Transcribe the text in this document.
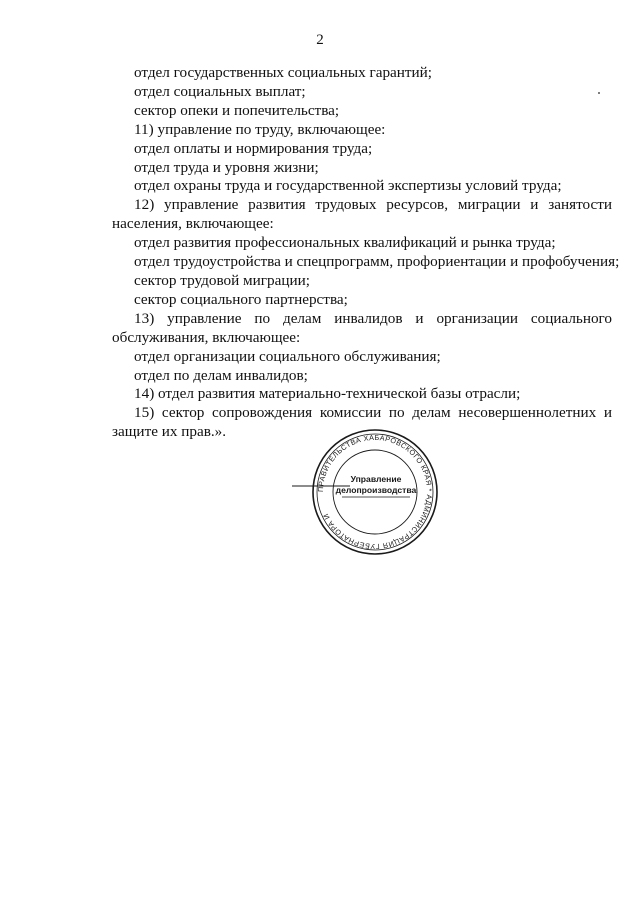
2
отдел государственных социальных гарантий;
отдел социальных выплат;
сектор опеки и попечительства;
11) управление по труду, включающее:
отдел оплаты и нормирования труда;
отдел труда и уровня жизни;
отдел охраны труда и государственной экспертизы условий труда;
12) управление развития трудовых ресурсов, миграции и занятости населения, включающее:
отдел развития профессиональных квалификаций и рынка труда;
отдел трудоустройства и спецпрограмм, профориентации и профобучения;
сектор трудовой миграции;
сектор социального партнерства;
13) управление по делам инвалидов и организации социального обслуживания, включающее:
отдел организации социального обслуживания;
отдел по делам инвалидов;
14) отдел развития материально-технической базы отрасли;
15) сектор сопровождения комиссии по делам несовершеннолетних и защите их прав.».
ПРАВИТЕЛЬСТВА ХАБАРОВСКОГО КРАЯ * АДМИНИСТРАЦИЯ ГУБЕРНАТОРА И
Управление
делопроизводства
